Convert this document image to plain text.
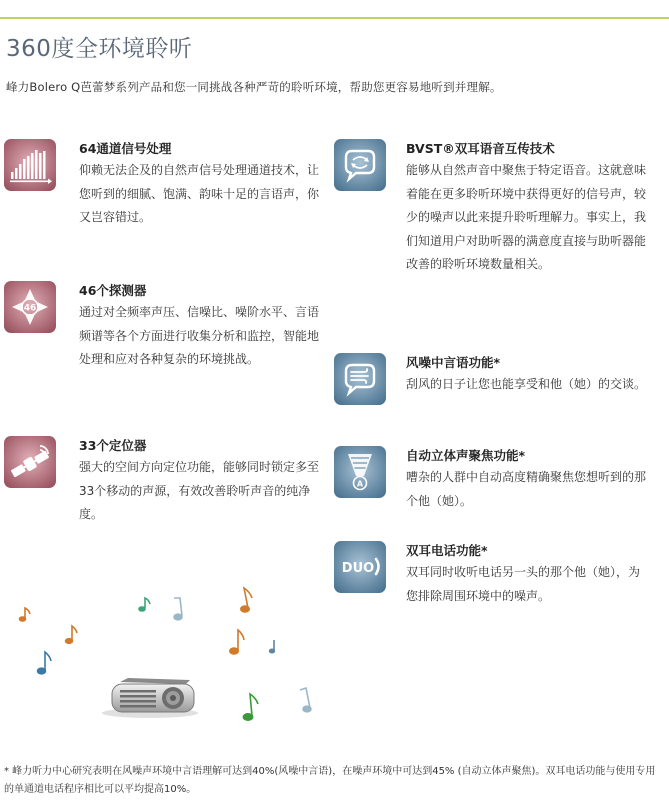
360度全环境聆听
峰力Bolero Q芭蕾梦系列产品和您一同挑战各种严苛的聆听环境，帮助您更容易地听到并理解。
64通道信号处理
仰赖无法企及的自然声信号处理通道技术，让您听到的细腻、饱满、韵味十足的言语声，你又岂容错过。
46
46个探测器
通过对全频率声压、信噪比、噪阶水平、言语频谱等各个方面进行收集分析和监控，智能地处理和应对各种复杂的环境挑战。
33个定位器
强大的空间方向定位功能，能够同时锁定多至33个移动的声源，有效改善聆听声音的纯净度。
BVST®双耳语音互传技术
能够从自然声音中聚焦于特定语音。这就意味着能在更多聆听环境中获得更好的信号声，较少的噪声以此来提升聆听理解力。事实上，我们知道用户对助听器的满意度直接与助听器能改善的聆听环境数量相关。
风噪中言语功能*
刮风的日子让您也能享受和他（她）的交谈。
A
自动立体声聚焦功能*
嘈杂的人群中自动高度精确聚焦您想听到的那个他（她）。
DUO
双耳电话功能*
双耳同时收听电话另一头的那个他（她），为您排除周围环境中的噪声。
* 峰力听力中心研究表明在风噪声环境中言语理解可达到40%(风噪中言语)，在噪声环境中可达到45% (自动立体声聚焦)。双耳电话功能与使用专用的单通道电话程序相比可以平均提高10%。
